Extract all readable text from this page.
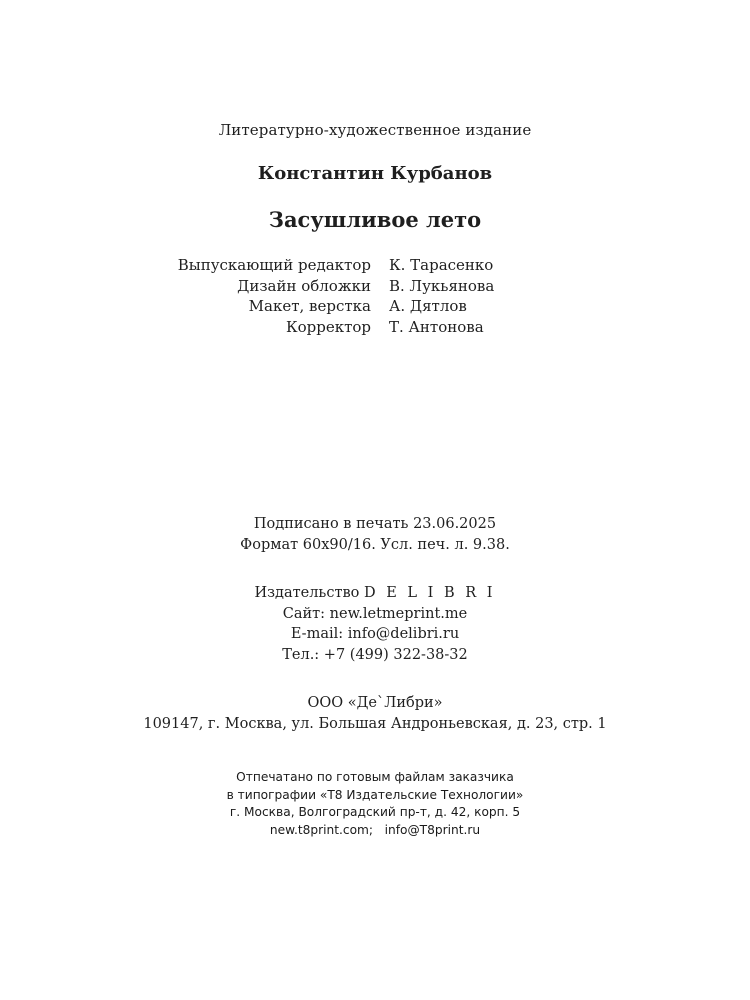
Литературно-художественное издание
Константин Курбанов
Засушливое лето
Выпускающий редактор К. Тарасенко
Дизайн обложки В. Лукьянова
Макет, верстка А. Дятлов
Корректор Т. Антонова
Подписано в печать 23.06.2025
Формат 60x90/16. Усл. печ. л. 9.38.
Издательство D E L I B R I
Сайт: new.letmeprint.me
E-mail: info@delibri.ru
Тел.: +7 (499) 322-38-32
ООО «Де`Либри»
109147, г. Москва, ул. Большая Андроньевская, д. 23, стр. 1
Отпечатано по готовым файлам заказчика
в типографии «Т8 Издательские Технологии»
г. Москва, Волгоградский пр-т, д. 42, корп. 5
new.t8print.com;   info@T8print.ru
